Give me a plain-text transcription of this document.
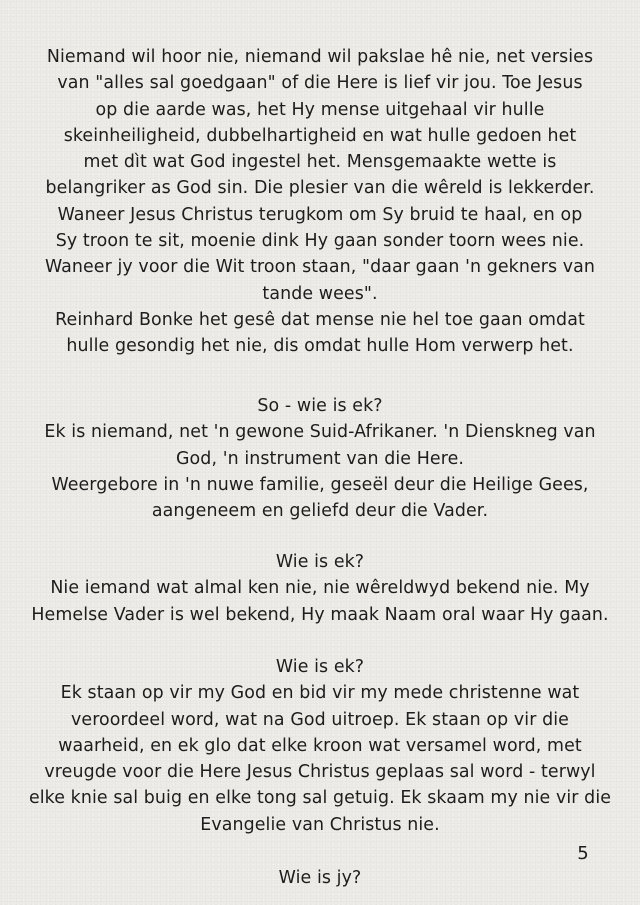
Niemand wil hoor nie, niemand wil pakslae hê nie, net versies
van "alles sal goedgaan" of die Here is lief vir jou. Toe Jesus
op die aarde was, het Hy mense uitgehaal vir hulle
skeinheiligheid, dubbelhartigheid en wat hulle gedoen het
met dìt wat God ingestel het. Mensgemaakte wette is
belangriker as God sin. Die plesier van die wêreld is lekkerder.
Waneer Jesus Christus terugkom om Sy bruid te haal, en op
Sy troon te sit, moenie dink Hy gaan sonder toorn wees nie.
Waneer jy voor die Wit troon staan, "daar gaan 'n gekners van
tande wees".
Reinhard Bonke het gesê dat mense nie hel toe gaan omdat
hulle gesondig het nie, dis omdat hulle Hom verwerp het.
So - wie is ek?
Ek is niemand, net 'n gewone Suid-Afrikaner. 'n Dienskneg van
God, 'n instrument van die Here.
Weergebore in 'n nuwe familie, geseël deur die Heilige Gees,
aangeneem en geliefd deur die Vader.
Wie is ek?
Nie iemand wat almal ken nie, nie wêreldwyd bekend nie. My
Hemelse Vader is wel bekend, Hy maak Naam oral waar Hy gaan.
Wie is ek?
Ek staan op vir my God en bid vir my mede christenne wat
veroordeel word, wat na God uitroep. Ek staan op vir die
waarheid, en ek glo dat elke kroon wat versamel word, met
vreugde voor die Here Jesus Christus geplaas sal word - terwyl
elke knie sal buig en elke tong sal getuig. Ek skaam my nie vir die
Evangelie van Christus nie.
5
Wie is jy?
